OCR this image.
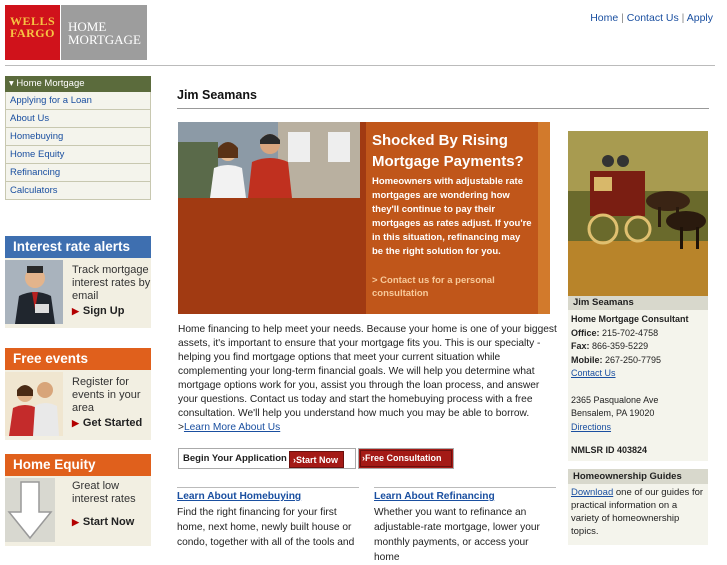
WELLS
FARGO	HOME
MORTGAGE
Home | Contact Us | Apply
▾ Home Mortgage
Applying for a Loan
About Us
Homebuying
Home Equity
Refinancing
Calculators
Interest rate alerts
Track mortgage interest rates by email
▶ Sign Up
Free events
Register for events in your area
▶ Get Started
Home Equity
Great low interest rates
▶ Start Now
Jim Seamans
Shocked By Rising Mortgage Payments?
Homeowners with adjustable rate mortgages are wondering how they'll continue to pay their mortgages as rates adjust. If you're in this situation, refinancing may be the right solution for you.
> Contact us for a personal consultation
Home financing to help meet your needs. Because your home is one of your biggest assets, it's important to ensure that your mortgage fits you. This is our specialty - helping you find mortgage options that meet your current situation while complementing your long-term financial goals. We will help you determine what mortgage options work for you, assist you through the loan process, and answer your questions. Contact us today and start the homebuying process with a free consultation. We'll help you understand how much you may be able to borrow.
>Learn More About Us
Begin Your Application ›Start Now	›Free Consultation
Learn About Homebuying
Find the right financing for your first home, next home, newly built house or condo, together with all of the tools and
Learn About Refinancing
Whether you want to refinance an adjustable-rate mortgage, lower your monthly payments, or access your home
Jim Seamans
Home Mortgage Consultant
Office: 215-702-4758
Fax: 866-359-5229
Mobile: 267-250-7795
Contact Us
2365 Pasqualone Ave
Bensalem, PA 19020
Directions
NMLSR ID 403824
Homeownership Guides
Download one of our guides for practical information on a variety of homeownership topics.
